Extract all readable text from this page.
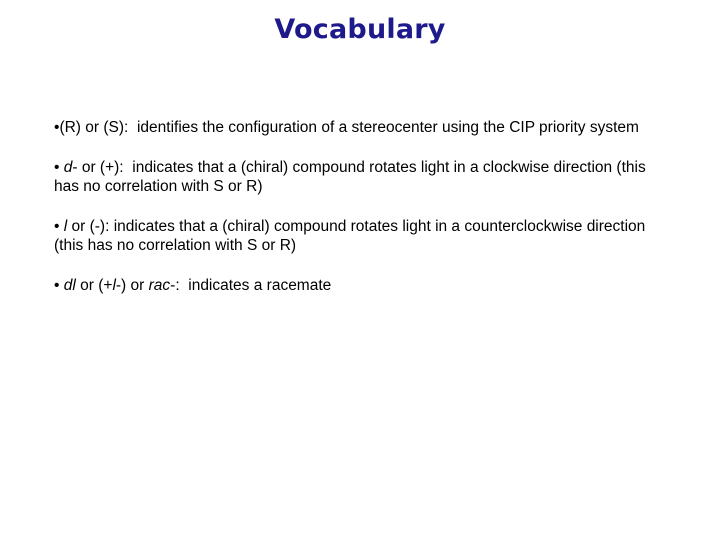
Vocabulary
•(R) or (S): identifies the configuration of a stereocenter using the CIP priority system
• d- or (+): indicates that a (chiral) compound rotates light in a clockwise direction (this has no correlation with S or R)
• l or (-): indicates that a (chiral) compound rotates light in a counterclockwise direction (this has no correlation with S or R)
• dl or (+l-) or rac-: indicates a racemate
